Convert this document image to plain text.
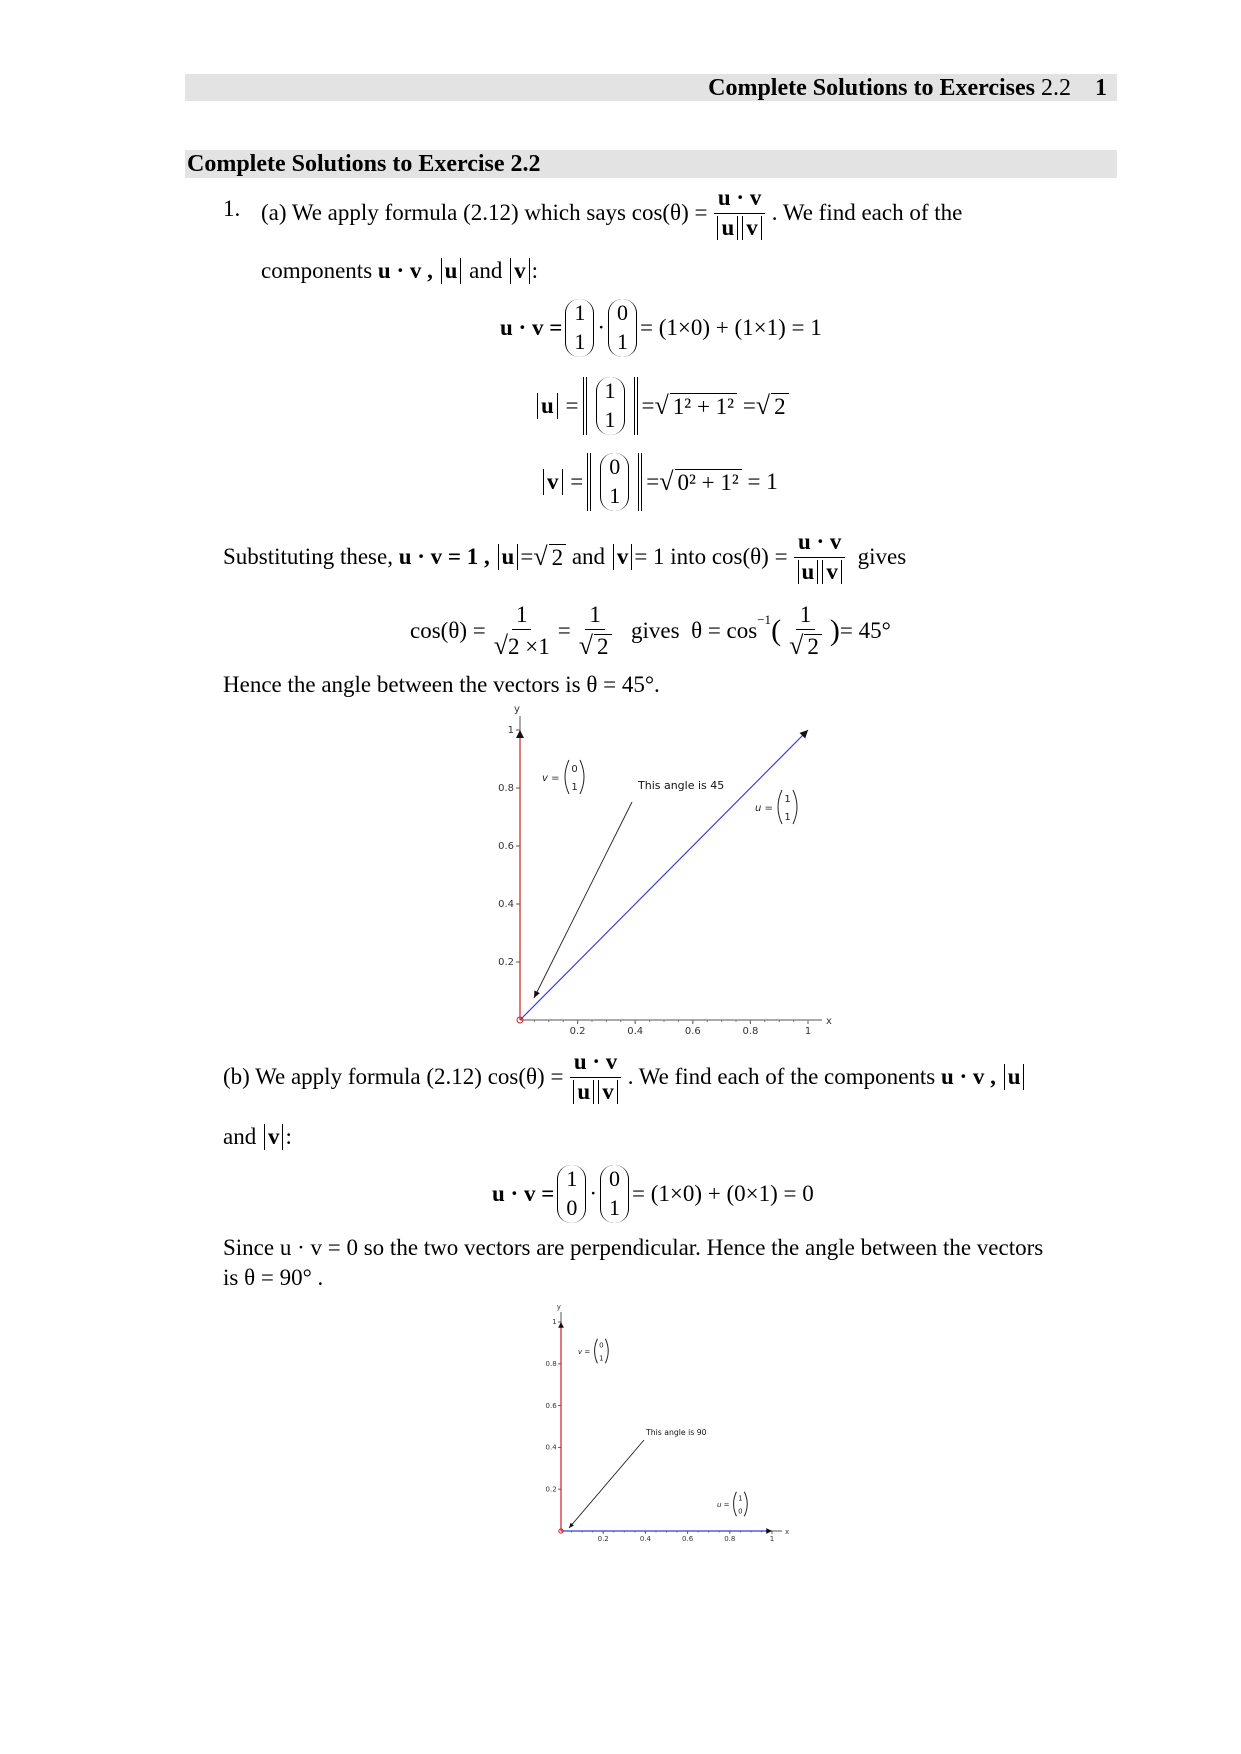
Complete Solutions to Exercises 2.2 1
Complete Solutions to Exercise 2.2
1. (a) We apply formula (2.12) which says
$\cos(\theta) = \frac{u \cdot v}{\text{u v}}$ . We find each of the
components
u · v ,
u
and
v :
u · v =
1
1
·
0
1
= (1×0) + (1×1) = 1
u =
1
1
= √ 1² + 1²
= √ 2
v =
0
1
= √ 0² + 1²
= 1
Substituting these,
u · v = 1 ,
u = √ 2
and
v = 1 into
$\cos(\theta) = \frac{u \cdot v}{\text{u v}}$
gives
$\cos(\theta) = \frac{1}{√2 \times 1} = \frac{1}{√ 2}$
gives
$\theta = \cos^{-1}$ ( $\frac{1}{√ 2}$ ) = 45°
Hence the angle between the vectors is θ = 45°.
x
y
0.2	0.4	0.6	0.8	1
0.2
0.4
0.6
0.8
1
v =
0
1
u =
1
1
This angle is 45
(b) We apply formula (2.12)
$\cos(\theta) = \frac{u \cdot v}{\text{u v}}$ . We find each of the components
u · v ,
u
and
v :
u · v =
1
0
·
0
1
= (1×0) + (0×1) = 0
Since u · v = 0 so the two vectors are perpendicular. Hence the angle between the vectors
is θ = 90° .
x
y
0.2	0.4	0.6	0.8	1
0.2
0.4
0.6
0.8
1
v =
0
1
u =
1
0
This angle is 90
